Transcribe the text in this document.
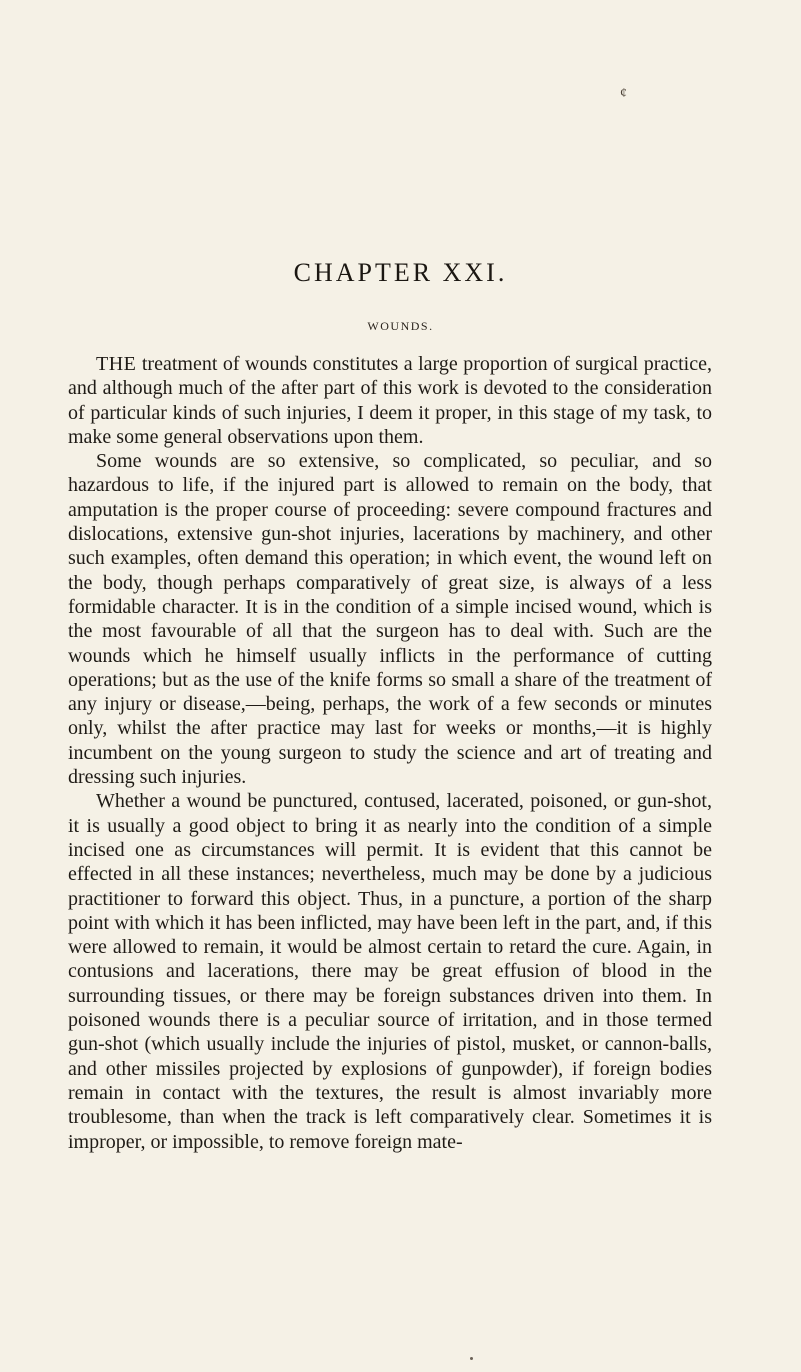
¢
CHAPTER XXI.
WOUNDS.

THE treatment of wounds constitutes a large proportion of surgical practice, and although much of the after part of this work is devoted to the consideration of particular kinds of such injuries, I deem it proper, in this stage of my task, to make some general observations upon them.

Some wounds are so extensive, so complicated, so peculiar, and so hazardous to life, if the injured part is allowed to remain on the body, that amputation is the proper course of proceeding: severe compound fractures and dislocations, extensive gun-shot injuries, lacerations by machinery, and other such examples, often demand this operation; in which event, the wound left on the body, though perhaps comparatively of great size, is always of a less formidable character. It is in the condition of a simple incised wound, which is the most favourable of all that the surgeon has to deal with. Such are the wounds which he himself usually inflicts in the performance of cutting operations; but as the use of the knife forms so small a share of the treatment of any injury or disease,—being, perhaps, the work of a few seconds or minutes only, whilst the after practice may last for weeks or months,—it is highly incumbent on the young surgeon to study the science and art of treating and dressing such injuries.

Whether a wound be punctured, contused, lacerated, poisoned, or gun-shot, it is usually a good object to bring it as nearly into the condition of a simple incised one as circumstances will permit. It is evident that this cannot be effected in all these instances; nevertheless, much may be done by a judicious practitioner to forward this object. Thus, in a puncture, a portion of the sharp point with which it has been inflicted, may have been left in the part, and, if this were allowed to remain, it would be almost certain to retard the cure. Again, in contusions and lacerations, there may be great effusion of blood in the surrounding tissues, or there may be foreign substances driven into them. In poisoned wounds there is a peculiar source of irritation, and in those termed gun-shot (which usually include the injuries of pistol, musket, or cannon-balls, and other missiles projected by explosions of gunpowder), if foreign bodies remain in contact with the textures, the result is almost invariably more troublesome, than when the track is left comparatively clear. Sometimes it is improper, or impossible, to remove foreign mate-
